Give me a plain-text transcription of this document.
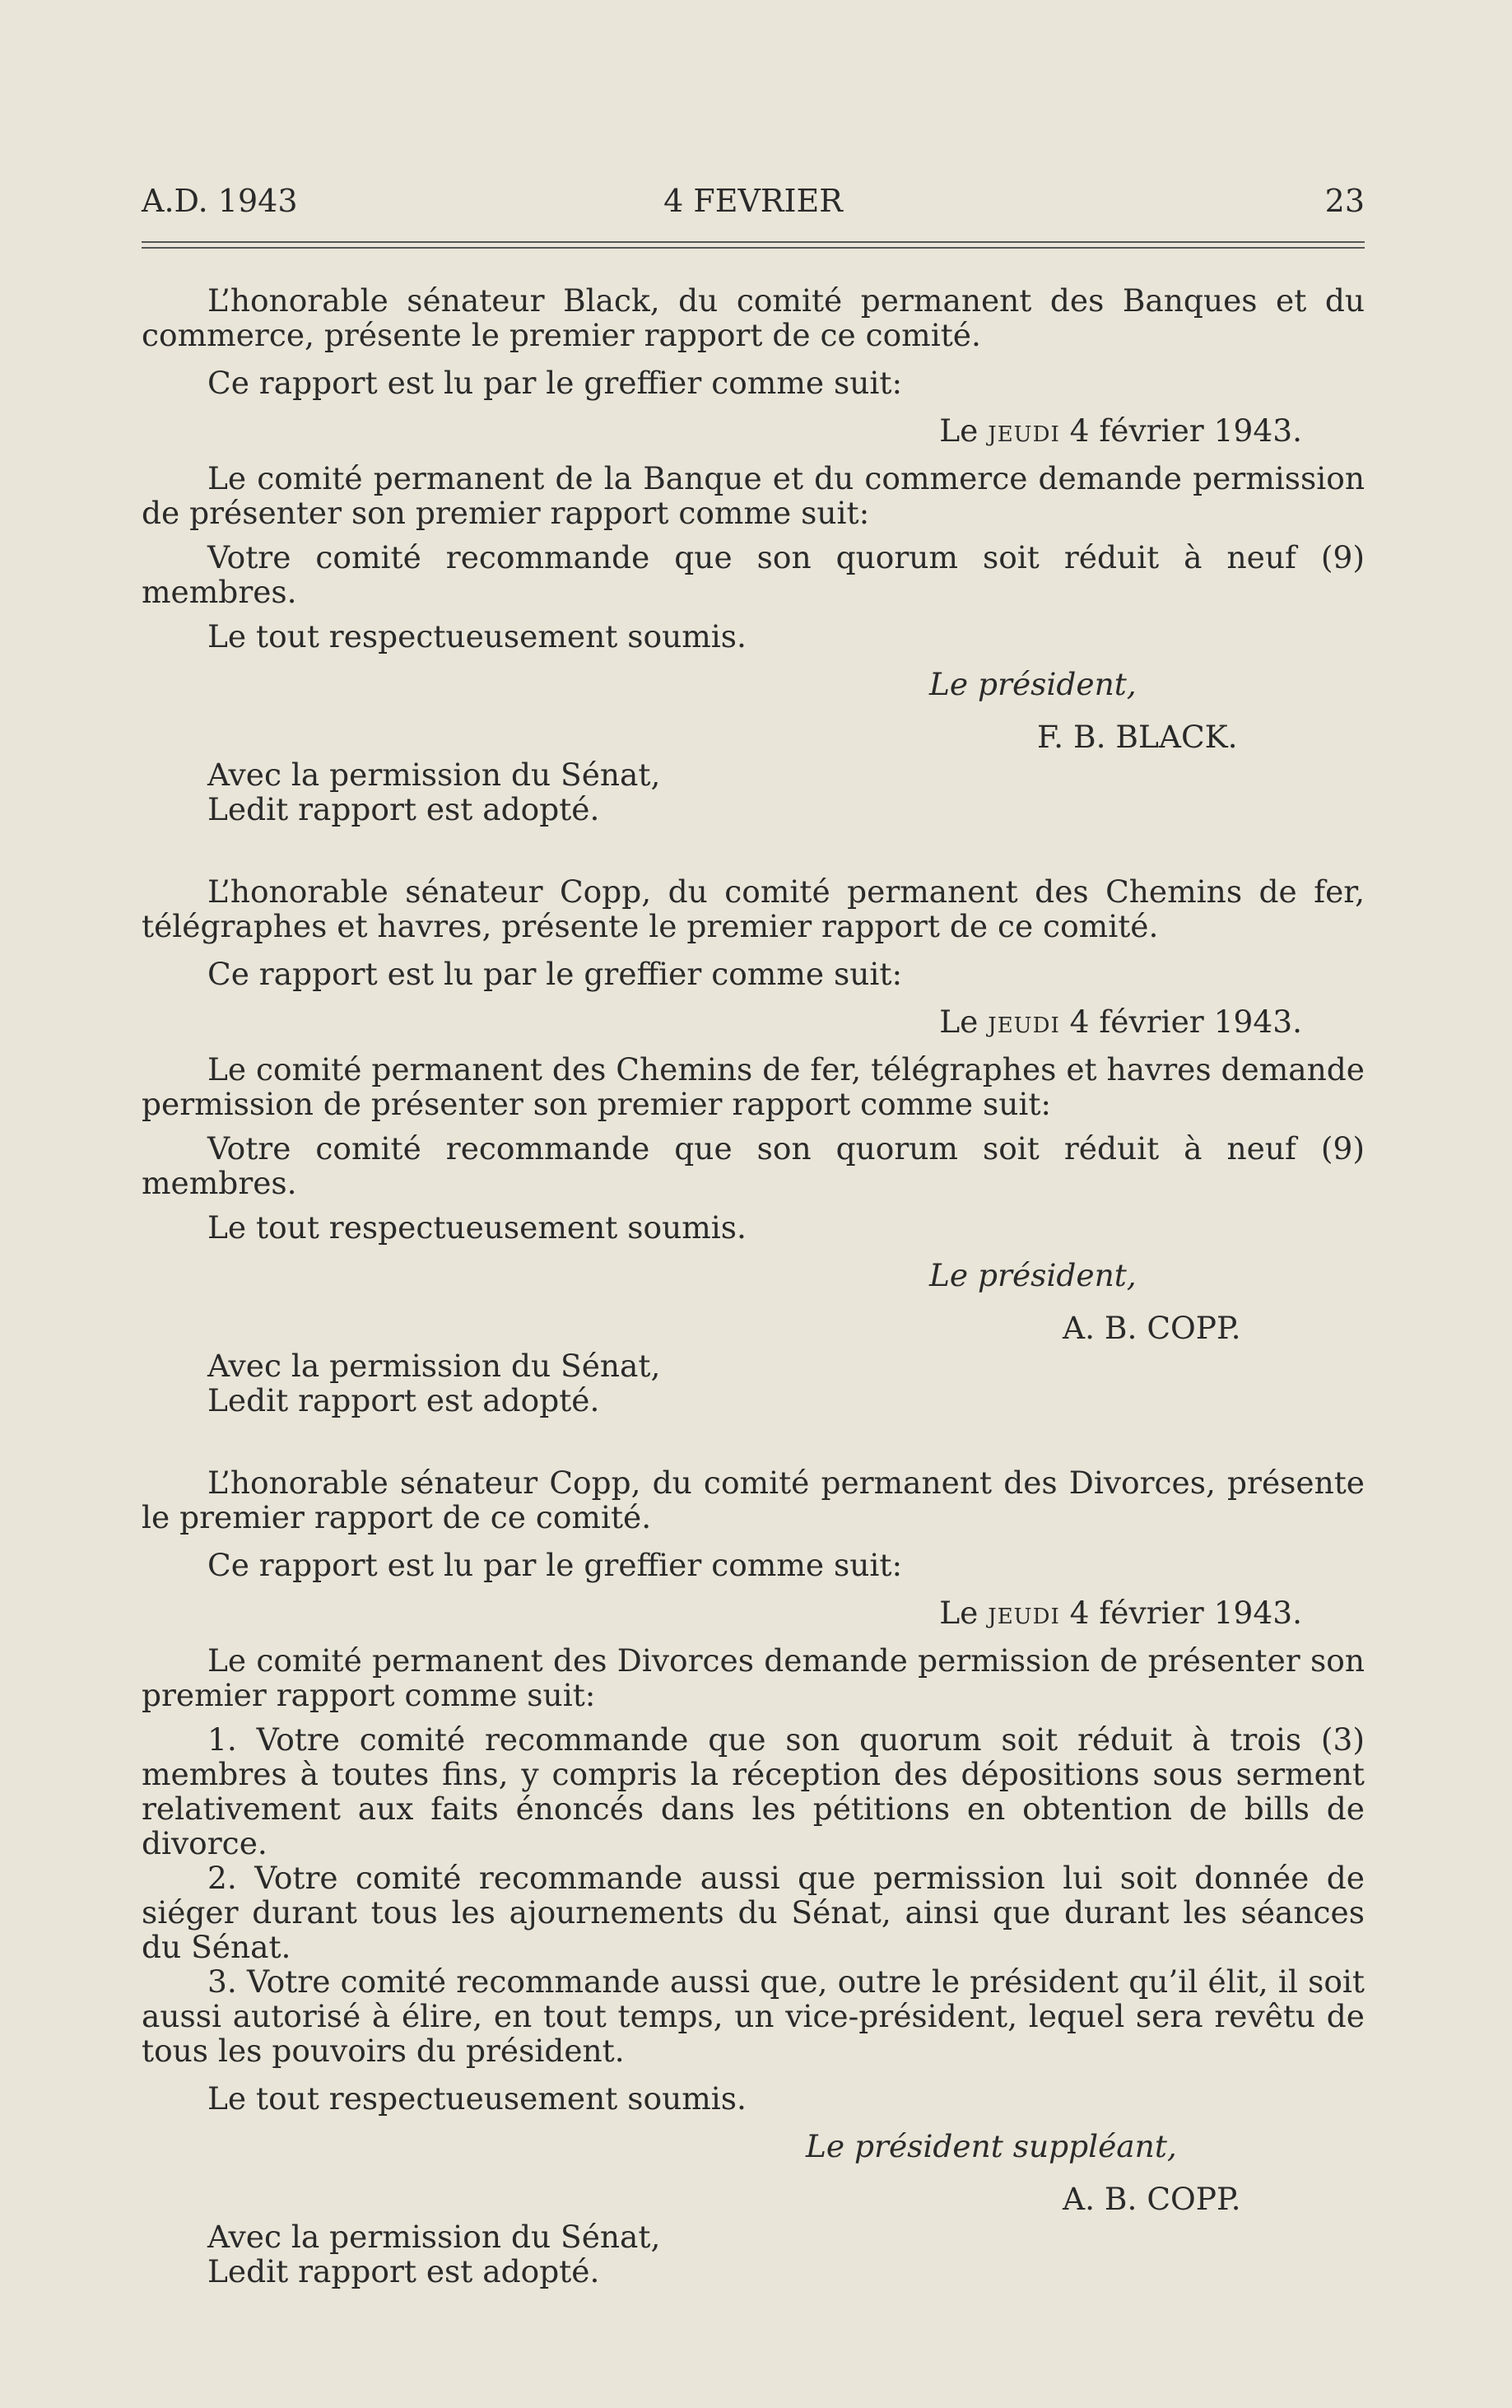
A.D. 1943	4 FEVRIER	23

L’honorable sénateur Black, du comité permanent des Banques et du commerce, présente le premier rapport de ce comité.

Ce rapport est lu par le greffier comme suit:

Le jeudi 4 février 1943.

Le comité permanent de la Banque et du commerce demande permission de présenter son premier rapport comme suit:

Votre comité recommande que son quorum soit réduit à neuf (9) membres.

Le tout respectueusement soumis.

Le président,
F. B. BLACK.

Avec la permission du Sénat,

Ledit rapport est adopté.

L’honorable sénateur Copp, du comité permanent des Chemins de fer, télégraphes et havres, présente le premier rapport de ce comité.

Ce rapport est lu par le greffier comme suit:

Le jeudi 4 février 1943.

Le comité permanent des Chemins de fer, télégraphes et havres demande permission de présenter son premier rapport comme suit:

Votre comité recommande que son quorum soit réduit à neuf (9) membres.

Le tout respectueusement soumis.

Le président,
A. B. COPP.

Avec la permission du Sénat,

Ledit rapport est adopté.

L’honorable sénateur Copp, du comité permanent des Divorces, présente le premier rapport de ce comité.

Ce rapport est lu par le greffier comme suit:

Le jeudi 4 février 1943.

Le comité permanent des Divorces demande permission de présenter son premier rapport comme suit:

1. Votre comité recommande que son quorum soit réduit à trois (3) membres à toutes fins, y compris la réception des dépositions sous serment relativement aux faits énoncés dans les pétitions en obtention de bills de divorce.

2. Votre comité recommande aussi que permission lui soit donnée de siéger durant tous les ajournements du Sénat, ainsi que durant les séances du Sénat.

3. Votre comité recommande aussi que, outre le président qu’il élit, il soit aussi autorisé à élire, en tout temps, un vice-président, lequel sera revêtu de tous les pouvoirs du président.

Le tout respectueusement soumis.

Le président suppléant,
A. B. COPP.

Avec la permission du Sénat,

Ledit rapport est adopté.
